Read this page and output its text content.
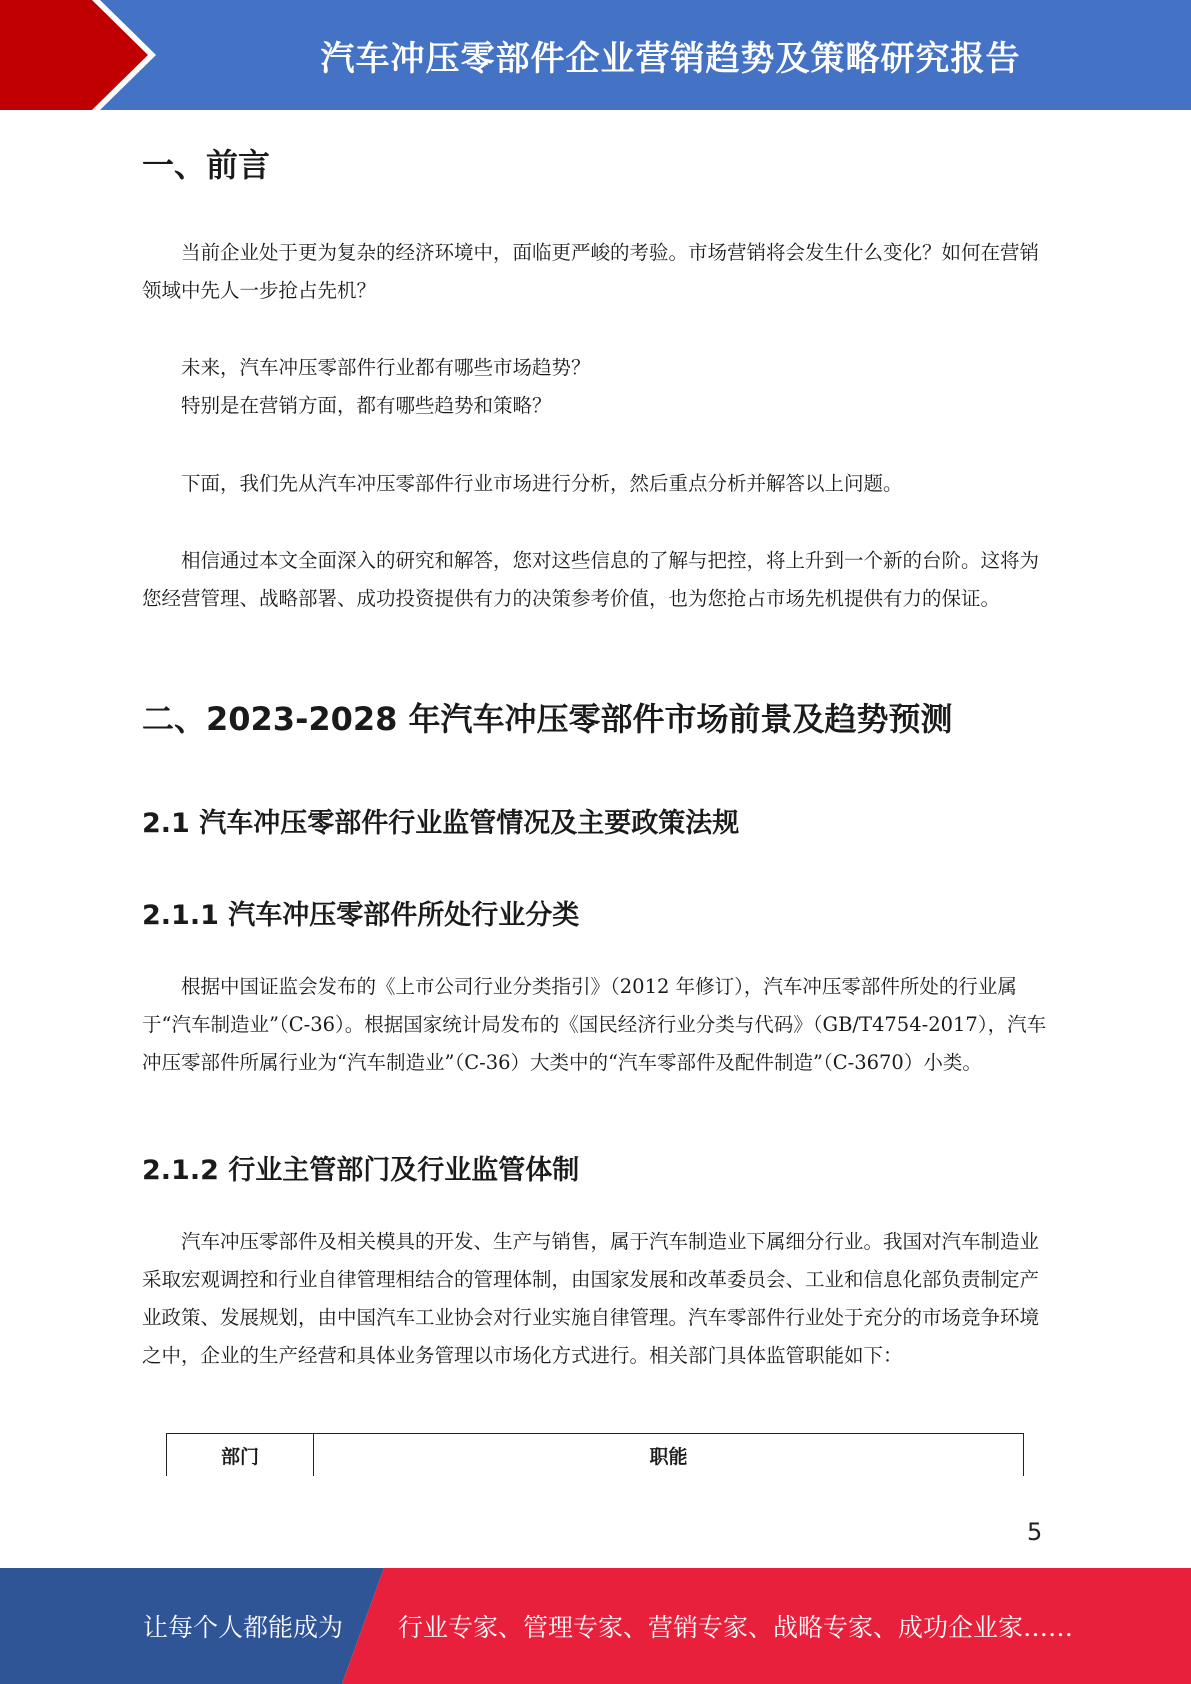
汽车冲压零部件企业营销趋势及策略研究报告
一、前言

当前企业处于更为复杂的经济环境中，面临更严峻的考验。市场营销将会发生什么变化？如何在营销领域中先人一步抢占先机？

未来，汽车冲压零部件行业都有哪些市场趋势？

特别是在营销方面，都有哪些趋势和策略？

下面，我们先从汽车冲压零部件行业市场进行分析，然后重点分析并解答以上问题。

相信通过本文全面深入的研究和解答，您对这些信息的了解与把控，将上升到一个新的台阶。这将为您经营管理、战略部署、成功投资提供有力的决策参考价值，也为您抢占市场先机提供有力的保证。

二、2023-2028 年汽车冲压零部件市场前景及趋势预测
2.1 汽车冲压零部件行业监管情况及主要政策法规
2.1.1 汽车冲压零部件所处行业分类

根据中国证监会发布的《上市公司行业分类指引》（2012 年修订），汽车冲压零部件所处的行业属于“汽车制造业”（C-36）。根据国家统计局发布的《国民经济行业分类与代码》（GB/T4754-2017），汽车冲压零部件所属行业为“汽车制造业”（C-36）大类中的“汽车零部件及配件制造”（C-3670）小类。

2.1.2 行业主管部门及行业监管体制

汽车冲压零部件及相关模具的开发、生产与销售，属于汽车制造业下属细分行业。我国对汽车制造业采取宏观调控和行业自律管理相结合的管理体制，由国家发展和改革委员会、工业和信息化部负责制定产业政策、发展规划，由中国汽车工业协会对行业实施自律管理。汽车零部件行业处于充分的市场竞争环境之中，企业的生产经营和具体业务管理以市场化方式进行。相关部门具体监管职能如下：

部门	职能
5
让每个人都能成为 行业专家、管理专家、营销专家、战略专家、成功企业家……
